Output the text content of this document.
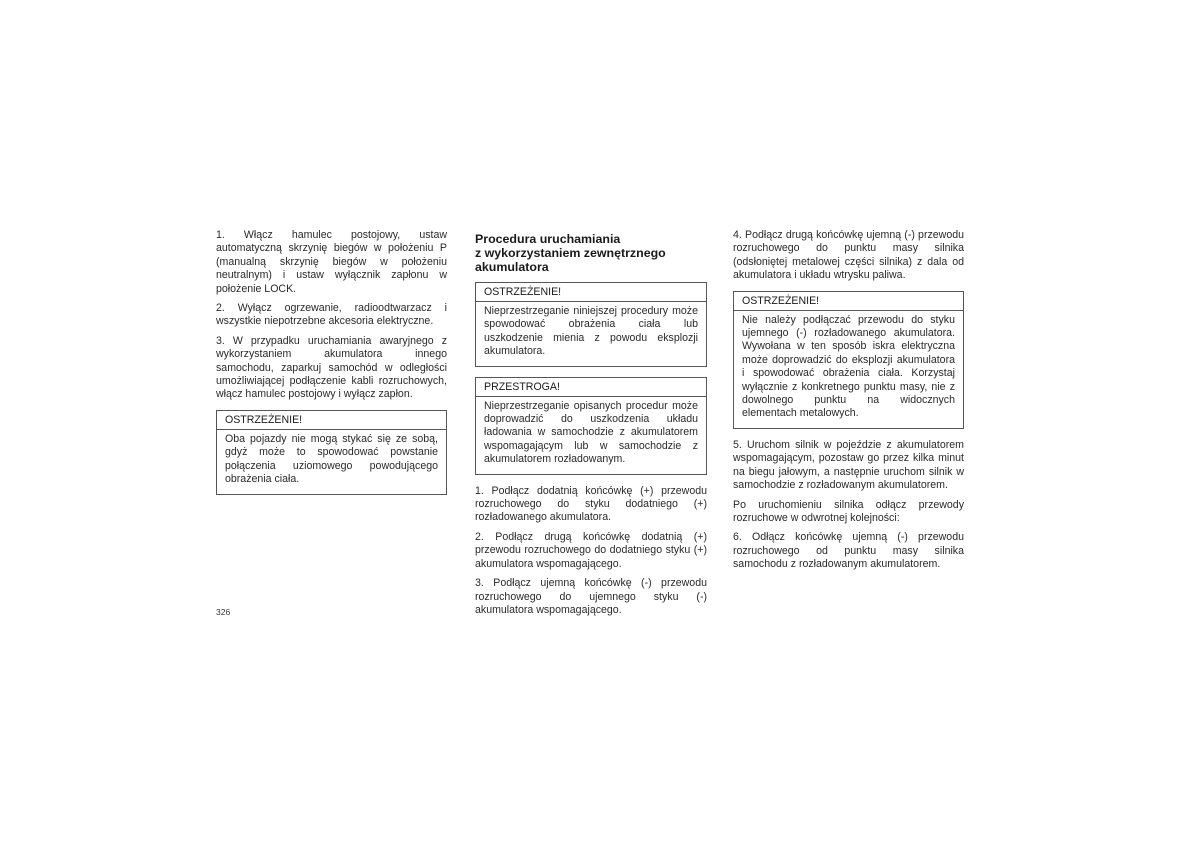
1. Włącz hamulec postojowy, ustaw automatyczną skrzynię biegów w położeniu P (manualną skrzynię biegów w położeniu neutralnym) i ustaw wyłącznik zapłonu w położenie LOCK.

2. Wyłącz ogrzewanie, radioodtwarzacz i wszystkie niepotrzebne akcesoria elektryczne.

3. W przypadku uruchamiania awaryjnego z wykorzystaniem akumulatora innego samochodu, zaparkuj samochód w odległości umożliwiającej podłączenie kabli rozruchowych, włącz hamulec postojowy i wyłącz zapłon.

OSTRZEŻENIE!
Oba pojazdy nie mogą stykać się ze sobą, gdyż może to spowodować powstanie połączenia uziomowego powodującego obrażenia ciała.
Procedura uruchamiania
z wykorzystaniem zewnętrznego
akumulatora
OSTRZEŻENIE!
Nieprzestrzeganie niniejszej procedury może spowodować obrażenia ciała lub uszkodzenie mienia z powodu eksplozji akumulatora.
PRZESTROGA!
Nieprzestrzeganie opisanych procedur może doprowadzić do uszkodzenia układu ładowania w samochodzie z akumulatorem wspomagającym lub w samochodzie z akumulatorem rozładowanym.

1. Podłącz dodatnią końcówkę (+) przewodu rozruchowego do styku dodatniego (+) rozładowanego akumulatora.

2. Podłącz drugą końcówkę dodatnią (+) przewodu rozruchowego do dodatniego styku (+) akumulatora wspomagającego.

3. Podłącz ujemną końcówkę (-) przewodu rozruchowego do ujemnego styku (-) akumulatora wspomagającego.

4. Podłącz drugą końcówkę ujemną (-) przewodu rozruchowego do punktu masy silnika (odsłoniętej metalowej części silnika) z dala od akumulatora i układu wtrysku paliwa.

OSTRZEŻENIE!
Nie należy podłączać przewodu do styku ujemnego (-) rozładowanego akumulatora. Wywołana w ten sposób iskra elektryczna może doprowadzić do eksplozji akumulatora i spowodować obrażenia ciała. Korzystaj wyłącznie z konkretnego punktu masy, nie z dowolnego punktu na widocznych elementach metalowych.

5. Uruchom silnik w pojeździe z akumulatorem wspomagającym, pozostaw go przez kilka minut na biegu jałowym, a następnie uruchom silnik w samochodzie z rozładowanym akumulatorem.

Po uruchomieniu silnika odłącz przewody rozruchowe w odwrotnej kolejności:

6. Odłącz końcówkę ujemną (-) przewodu rozruchowego od punktu masy silnika samochodu z rozładowanym akumulatorem.

326
